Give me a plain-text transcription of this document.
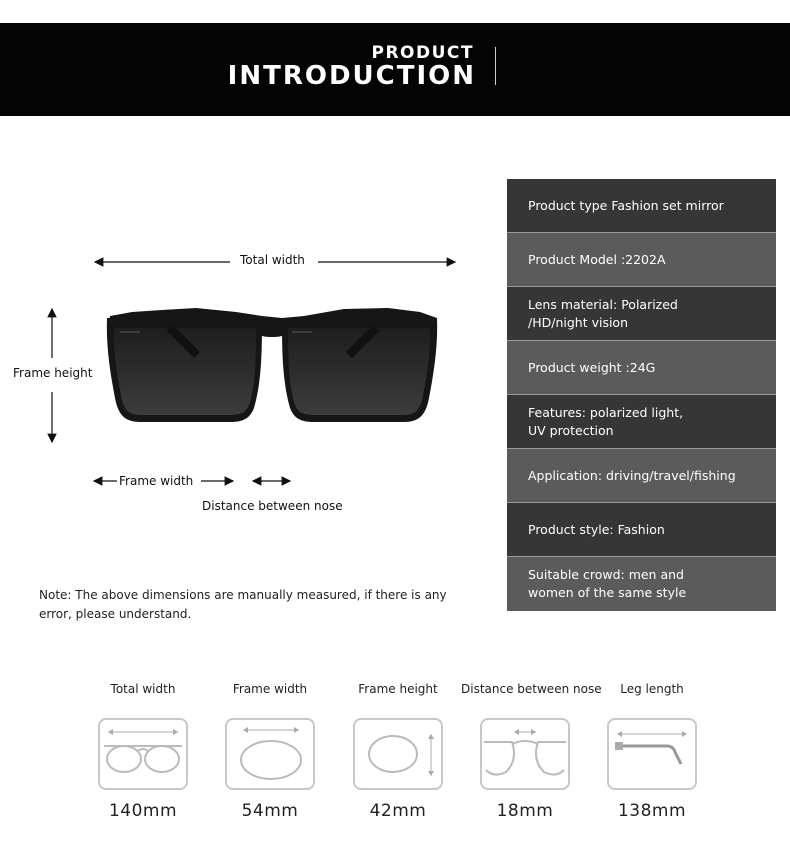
PRODUCT
INTRODUCTION
Total width
Frame height
Frame width
Distance between nose
Note: The above dimensions are manually measured, if there is any error, please understand.
Product type Fashion set mirror
Product Model :2202A
Lens material: Polarized
/HD/night vision
Product weight :24G
Features: polarized light,
UV protection
Application: driving/travel/fishing
Product style: Fashion
Suitable crowd: men and
women of the same style
Total width
140mm
Frame width
54mm
Frame height
42mm
Distance between nose
18mm
Leg length
138mm
